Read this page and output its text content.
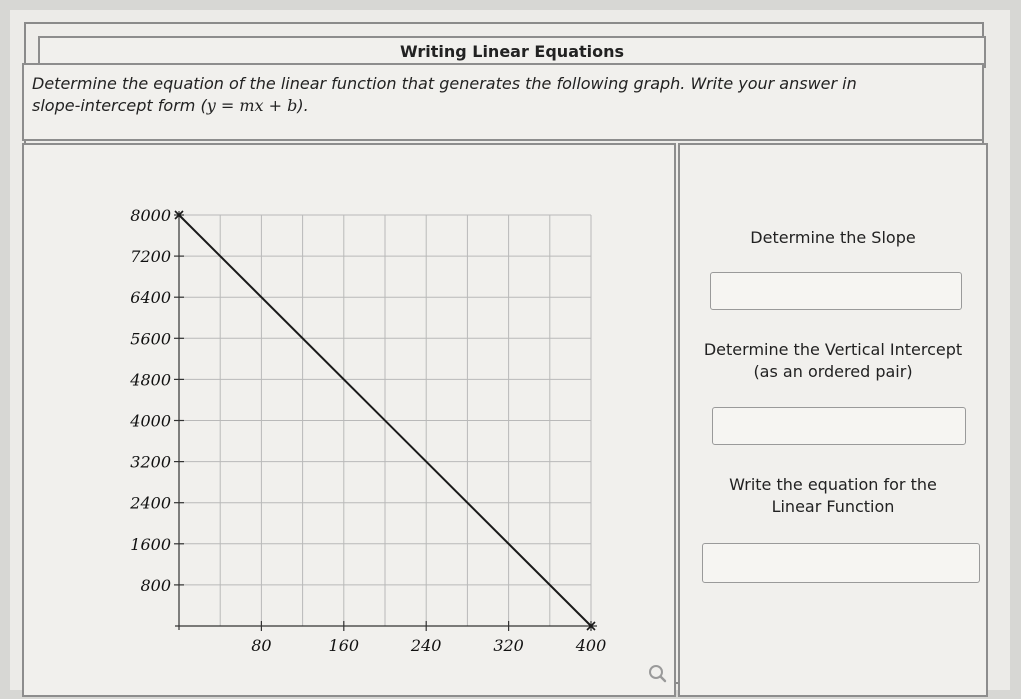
Writing Linear Equations
Determine the equation of the linear function that generates the following graph. Write your answer in
slope-intercept form (y = mx + b).
800
1600
2400
3200
4000
4800
5600
6400
7200
8000
80	160	240	320	400
Determine the Slope
Determine the Vertical Intercept
(as an ordered pair)
Write the equation for the
Linear Function
